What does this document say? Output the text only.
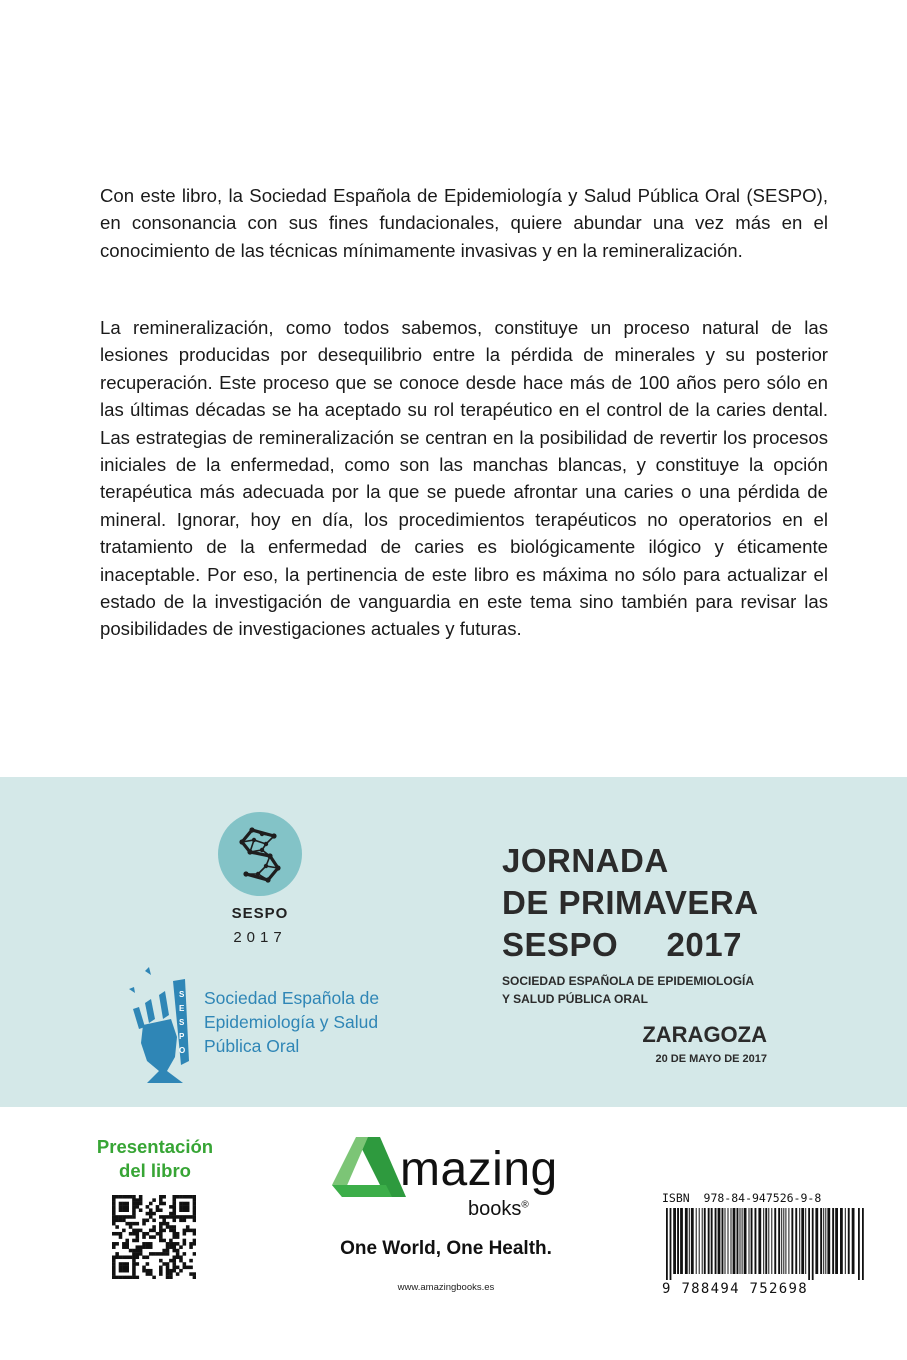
Con este libro, la Sociedad Española de Epidemiología y Salud Pública Oral (SESPO), en consonancia con sus fines fundacionales, quiere abundar una vez más en el conocimiento de las técnicas mínimamente invasivas y en la remineralización.

La remineralización, como todos sabemos, constituye un proceso natural de las lesiones producidas por desequilibrio entre la pérdida de minerales y su posterior recuperación. Este proceso que se conoce desde hace más de 100 años pero sólo en las últimas décadas se ha aceptado su rol terapéutico en el control de la caries dental. Las estrategias de remineralización se centran en la posibilidad de revertir los procesos iniciales de la enfermedad, como son las manchas blancas, y constituye la opción terapéutica más adecuada por la que se puede afrontar una caries o una pérdida de mineral. Ignorar, hoy en día, los procedimientos terapéuticos no operatorios en el tratamiento de la enfermedad de caries es biológicamente ilógico y éticamente inaceptable. Por eso, la pertinencia de este libro es máxima no sólo para actualizar el estado de la investigación de vanguardia en este tema sino también para revisar las posibilidades de investigaciones actuales y futuras.

SESPO
2017
S
E
S
P
O
Sociedad Española de
Epidemiología y Salud
Pública Oral
JORNADA
DE PRIMAVERA
SESPO     2017
SOCIEDAD ESPAÑOLA DE EPIDEMIOLOGÍA
Y SALUD PÚBLICA ORAL
ZARAGOZA
20 DE MAYO DE 2017
Presentación
del libro	mazing
books®
One World, One Health.
www.amazingbooks.es
ISBN  978-84-947526-9-8
9 788494 752698
